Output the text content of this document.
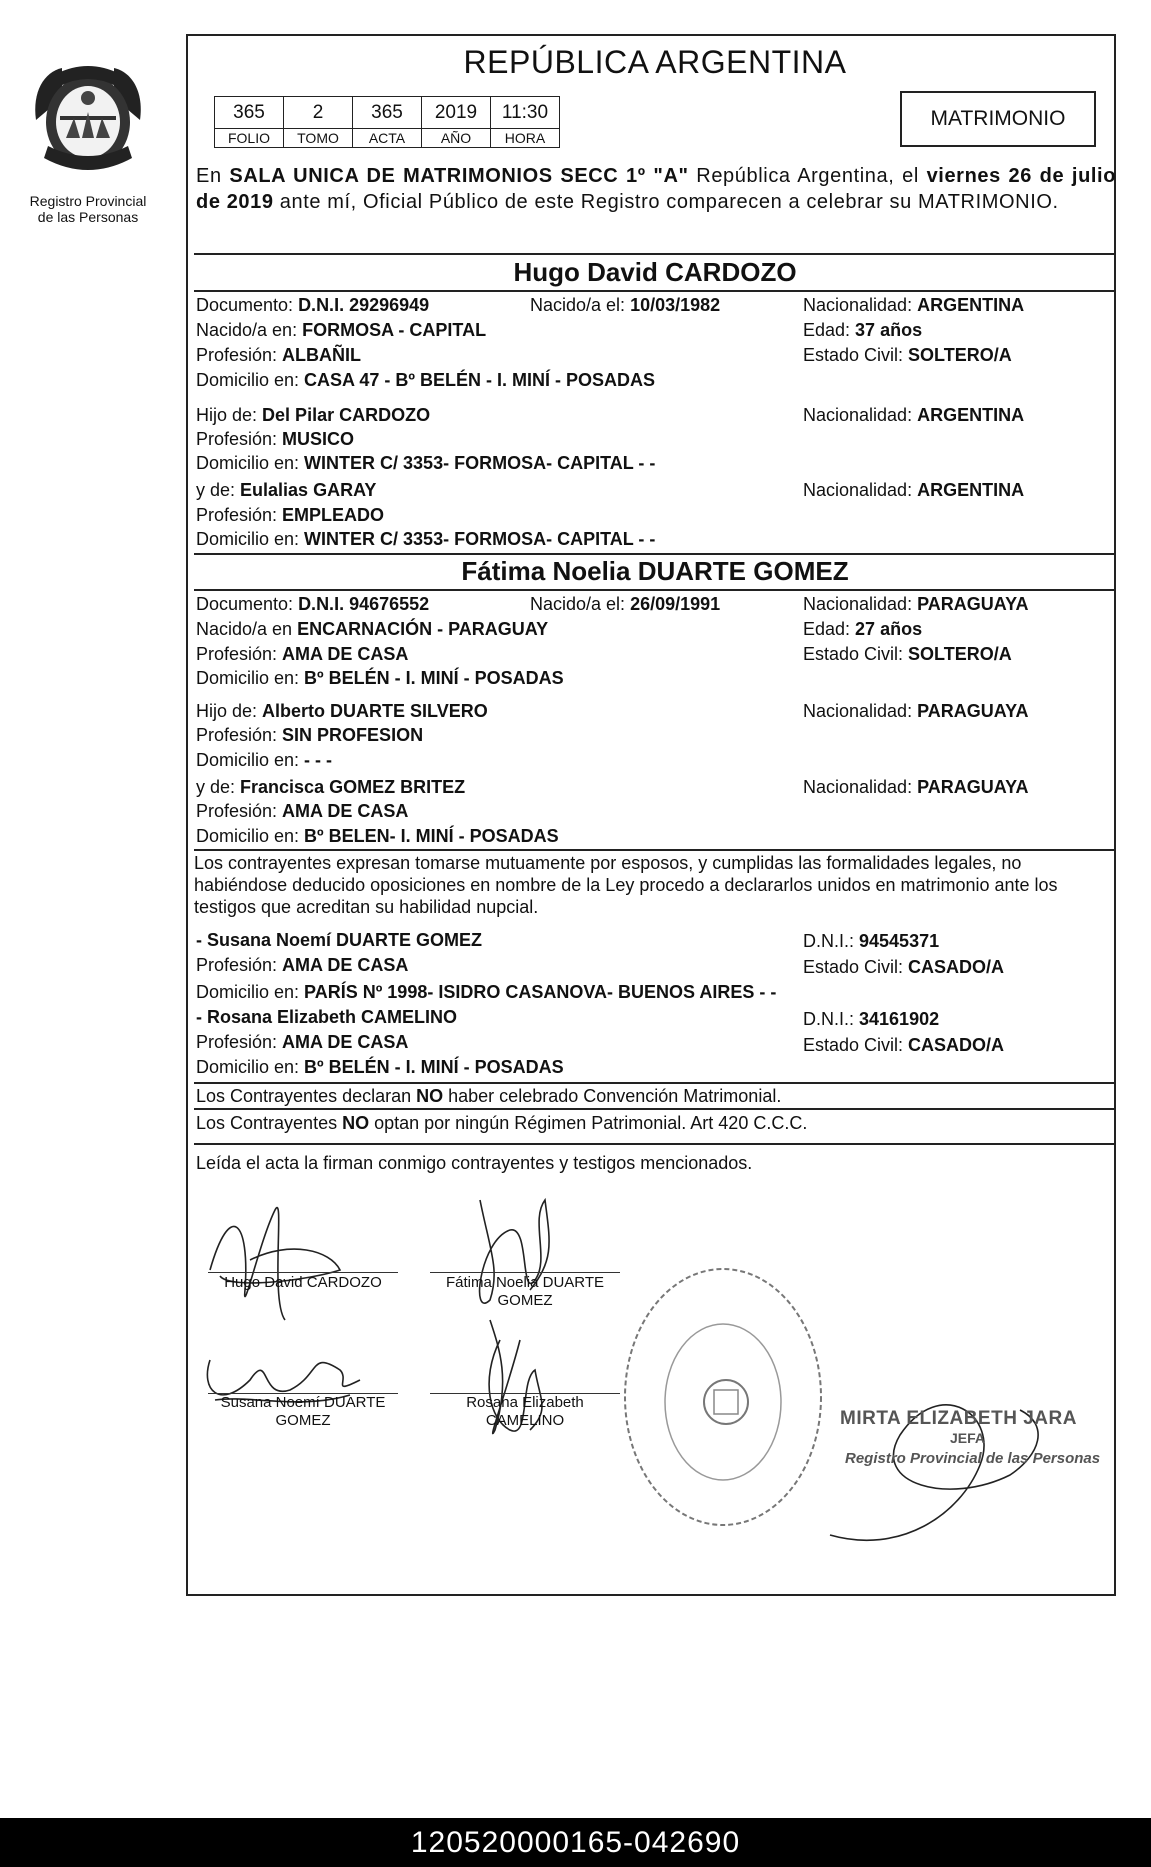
Registro Provincial
de las Personas
REPÚBLICA ARGENTINA
365	2	365	2019	11:30
FOLIO	TOMO	ACTA	AÑO	HORA
MATRIMONIO
En SALA UNICA DE MATRIMONIOS SECC 1º "A" República Argentina, el viernes 26 de julio de 2019 ante mí, Oficial Público de este Registro comparecen a celebrar su MATRIMONIO.
Hugo David CARDOZO
Documento: D.N.I. 29296949	Nacido/a el: 10/03/1982	Nacionalidad: ARGENTINA
Nacido/a en: FORMOSA - CAPITAL	Edad: 37 años
Profesión: ALBAÑIL	Estado Civil: SOLTERO/A
Domicilio en: CASA 47 - Bº BELÉN - I. MINÍ - POSADAS
Hijo de: Del Pilar CARDOZO	Nacionalidad: ARGENTINA
Profesión: MUSICO
Domicilio en: WINTER C/ 3353- FORMOSA- CAPITAL - -
y de: Eulalias GARAY	Nacionalidad: ARGENTINA
Profesión: EMPLEADO
Domicilio en: WINTER C/ 3353- FORMOSA- CAPITAL - -
Fátima Noelia DUARTE GOMEZ
Documento: D.N.I. 94676552	Nacido/a el: 26/09/1991	Nacionalidad: PARAGUAYA
Nacido/a en ENCARNACIÓN - PARAGUAY	Edad: 27 años
Profesión: AMA DE CASA	Estado Civil: SOLTERO/A
Domicilio en: Bº BELÉN - I. MINÍ - POSADAS
Hijo de: Alberto DUARTE SILVERO	Nacionalidad: PARAGUAYA
Profesión: SIN PROFESION
Domicilio en: - - -
y de: Francisca GOMEZ BRITEZ	Nacionalidad: PARAGUAYA
Profesión: AMA DE CASA
Domicilio en: Bº BELEN- I. MINÍ - POSADAS
Los contrayentes expresan tomarse mutuamente por esposos, y cumplidas las formalidades legales, no habiéndose deducido oposiciones en nombre de la Ley procedo a declararlos unidos en matrimonio ante los testigos que acreditan su habilidad nupcial.
- Susana Noemí DUARTE GOMEZ	D.N.I.: 94545371
Profesión: AMA DE CASA	Estado Civil: CASADO/A
Domicilio en: PARÍS Nº 1998- ISIDRO CASANOVA- BUENOS AIRES - -
- Rosana Elizabeth CAMELINO	D.N.I.: 34161902
Profesión: AMA DE CASA	Estado Civil: CASADO/A
Domicilio en: Bº BELÉN - I. MINÍ - POSADAS
Los Contrayentes declaran NO haber celebrado Convención Matrimonial.
Los Contrayentes NO optan por ningún Régimen Patrimonial. Art 420 C.C.C.
Leída el acta la firman conmigo contrayentes y testigos mencionados.
Hugo David CARDOZO	Fátima Noelia DUARTE
GOMEZ
Susana Noemí DUARTE
GOMEZ
Rosana Elizabeth
CAMELINO	MIRTA ELIZABETH JARA
JEFA
Registro Provincial de las Personas
120520000165-042690
